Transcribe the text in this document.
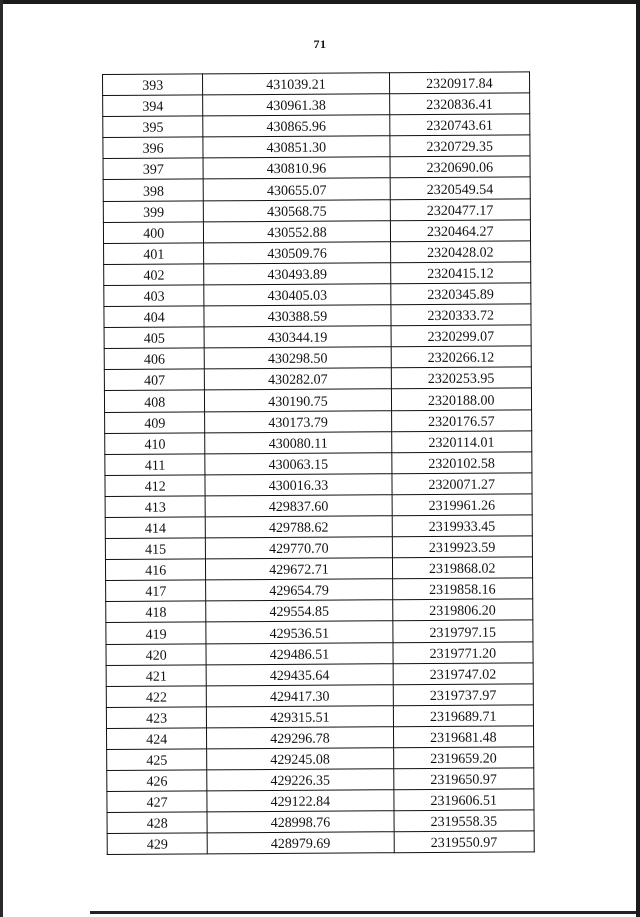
71
393	431039.21	2320917.84
394	430961.38	2320836.41
395	430865.96	2320743.61
396	430851.30	2320729.35
397	430810.96	2320690.06
398	430655.07	2320549.54
399	430568.75	2320477.17
400	430552.88	2320464.27
401	430509.76	2320428.02
402	430493.89	2320415.12
403	430405.03	2320345.89
404	430388.59	2320333.72
405	430344.19	2320299.07
406	430298.50	2320266.12
407	430282.07	2320253.95
408	430190.75	2320188.00
409	430173.79	2320176.57
410	430080.11	2320114.01
411	430063.15	2320102.58
412	430016.33	2320071.27
413	429837.60	2319961.26
414	429788.62	2319933.45
415	429770.70	2319923.59
416	429672.71	2319868.02
417	429654.79	2319858.16
418	429554.85	2319806.20
419	429536.51	2319797.15
420	429486.51	2319771.20
421	429435.64	2319747.02
422	429417.30	2319737.97
423	429315.51	2319689.71
424	429296.78	2319681.48
425	429245.08	2319659.20
426	429226.35	2319650.97
427	429122.84	2319606.51
428	428998.76	2319558.35
429	428979.69	2319550.97
